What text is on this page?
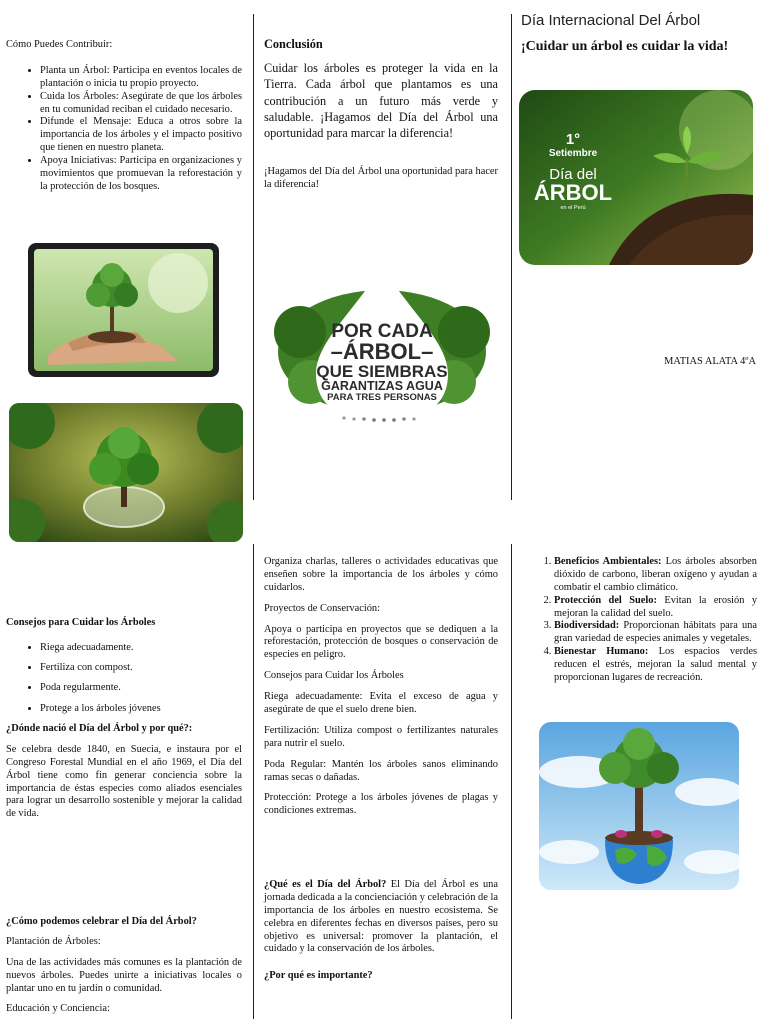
Cómo Puedes Contribuir:

• Planta un Árbol: Participa en eventos locales de plantación o inicia tu propio proyecto.
• Cuida los Árboles: Asegúrate de que los árboles en tu comunidad reciban el cuidado necesario.
• Difunde el Mensaje: Educa a otros sobre la importancia de los árboles y el impacto positivo que tienen en nuestro planeta.
• Apoya Iniciativas: Participa en organizaciones y movimientos que promuevan la reforestación y la protección de los bosques.

Conclusión

Cuidar los árboles es proteger la vida en la Tierra. Cada árbol que plantamos es una contribución a un futuro más verde y saludable. ¡Hagamos del Día del Árbol una oportunidad para marcar la diferencia!

¡Hagamos del Día del Árbol una oportunidad para hacer la diferencia!

POR CADA
–ÁRBOL–
QUE SIEMBRAS
GARANTIZAS AGUA
PARA TRES PERSONAS
Día Internacional Del Árbol
¡Cuidar un árbol es cuidar la vida!
1°
Setiembre
Día del
ÁRBOL
en el Perú
MATIAS ALATA 4ºA

Consejos para Cuidar los Árboles

• Riega adecuadamente.
• Fertiliza con compost.
• Poda regularmente.
• Protege a los árboles jóvenes

¿Dónde nació el Día del Árbol y por qué?:

Se celebra desde 1840, en Suecia, e instaura por el Congreso Forestal Mundial en el año 1969, el Día del Árbol tiene como fin generar conciencia sobre la importancia de éstas especies como aliados esenciales para lograr un desarrollo sostenible y mejorar la calidad de vida.

¿Cómo podemos celebrar el Día del Árbol?

Plantación de Árboles:

Una de las actividades más comunes es la plantación de nuevos árboles. Puedes unirte a iniciativas locales o plantar uno en tu jardín o comunidad.

Educación y Conciencia:

Organiza charlas, talleres o actividades educativas que enseñen sobre la importancia de los árboles y cómo cuidarlos.

Proyectos de Conservación:

Apoya o participa en proyectos que se dediquen a la reforestación, protección de bosques o conservación de especies en peligro.

Consejos para Cuidar los Árboles

Riega adecuadamente: Evita el exceso de agua y asegúrate de que el suelo drene bien.

Fertilización: Utiliza compost o fertilizantes naturales para nutrir el suelo.

Poda Regular: Mantén los árboles sanos eliminando ramas secas o dañadas.

Protección: Protege a los árboles jóvenes de plagas y condiciones extremas.

¿Qué es el Día del Árbol? El Día del Árbol es una jornada dedicada a la concienciación y celebración de la importancia de los árboles en nuestro ecosistema. Se celebra en diferentes fechas en diversos países, pero su objetivo es universal: promover la plantación, el cuidado y la conservación de los árboles.

¿Por qué es importante?

1. Beneficios Ambientales: Los árboles absorben dióxido de carbono, liberan oxígeno y ayudan a combatir el cambio climático.
2. Protección del Suelo: Evitan la erosión y mejoran la calidad del suelo.
3. Biodiversidad: Proporcionan hábitats para una gran variedad de especies animales y vegetales.
4. Bienestar Humano: Los espacios verdes reducen el estrés, mejoran la salud mental y proporcionan lugares de recreación.
